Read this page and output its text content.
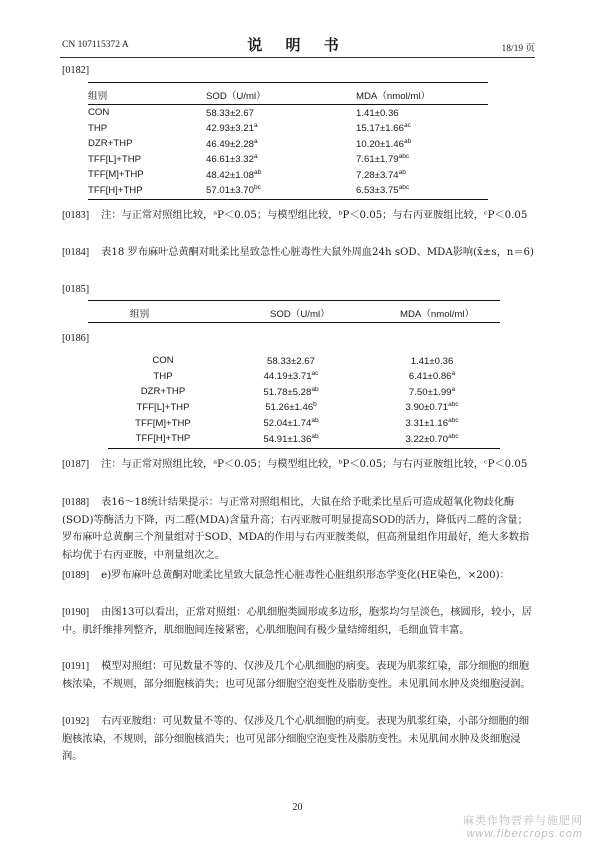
CN 107115372 A	说 明 书	18/19 页
[0182]

组别	SOD（U/ml）	MDA（nmol/ml）
CON	58.33±2.67	1.41±0.36
THP	42.93±3.21$^a$	15.17±1.66$^{ac}$
DZR+THP	46.49±2.28$^a$	10.20±1.46$^{ab}$
TFF[L]+THP	46.61±3.32$^a$	7.61±1.79$^{abc}$
TFF[M]+THP	48.42±1.08$^{ab}$	7.28±3.74$^{ab}$
TFF[H]+THP	57.01±3.70$^{bc}$	6.53±3.75$^{abc}$

[0183] 注：与正常对照组比较，ᵃP＜0.05；与模型组比较，ᵇP＜0.05；与右丙亚胺组比较，ᶜP＜0.05
[0184] 表18 罗布麻叶总黄酮对吡柔比星致急性心脏毒性大鼠外周血24h sOD、MDA影响(x̄±s，n＝6)
[0185]

组别	SOD（U/ml）	MDA（nmol/ml）
[0186]
CON	58.33±2.67	1.41±0.36
THP	44.19±3.71$^{ac}$	6.41±0.86$^a$
DZR+THP	51.78±5.28$^{ab}$	7.50±1.99$^a$
TFF[L]+THP	51.26±1.46$^b$	3.90±0.71$^{abc}$
TFF[M]+THP	52.04±1.74$^{ab}$	3.31±1.16$^{abc}$
TFF[H]+THP	54.91±1.36$^{ab}$	3.22±0.70$^{abc}$

[0187] 注：与正常对照组比较，ᵃP＜0.05；与模型组比较，ᵇP＜0.05；与右丙亚胺组比较，ᶜP＜0.05
[0188] 表16～18统计结果提示：与正常对照组相比，大鼠在给予吡柔比星后可造成超氧化物歧化酶(SOD)等酶活力下降，丙二醛(MDA)含量升高；右丙亚胺可明显提高SOD的活力，降低丙二醛的含量；罗布麻叶总黄酮三个剂量组对于SOD、MDA的作用与右丙亚胺类似，但高剂量组作用最好，绝大多数指标均优于右丙亚胺，中剂量组次之。
[0189] e)罗布麻叶总黄酮对吡柔比星致大鼠急性心脏毒性心脏组织形态学变化(HE染色，×200)：
[0190] 由图13可以看出，正常对照组：心肌细胞类圆形或多边形，胞浆均匀呈淡色，核圆形，较小，居中。肌纤维排列整齐，肌细胞间连接紧密，心肌细胞间有极少量结缔组织，毛细血管丰富。
[0191] 模型对照组：可见数量不等的、仅涉及几个心肌细胞的病变。表现为肌浆红染，部分细胞的细胞核浓染，不规则，部分细胞核消失；也可见部分细胞空泡变性及脂肪变性。未见肌间水肿及炎细胞浸润。
[0192] 右丙亚胺组：可见数量不等的、仅涉及几个心肌细胞的病变。表现为肌浆红染，小部分细胞的细胞核浓染，不规则，部分细胞核消失；也可见部分细胞空泡变性及脂肪变性。未见肌间水肿及炎细胞浸润。
20
麻类作物营养与施肥网
www.fibercrops.com
